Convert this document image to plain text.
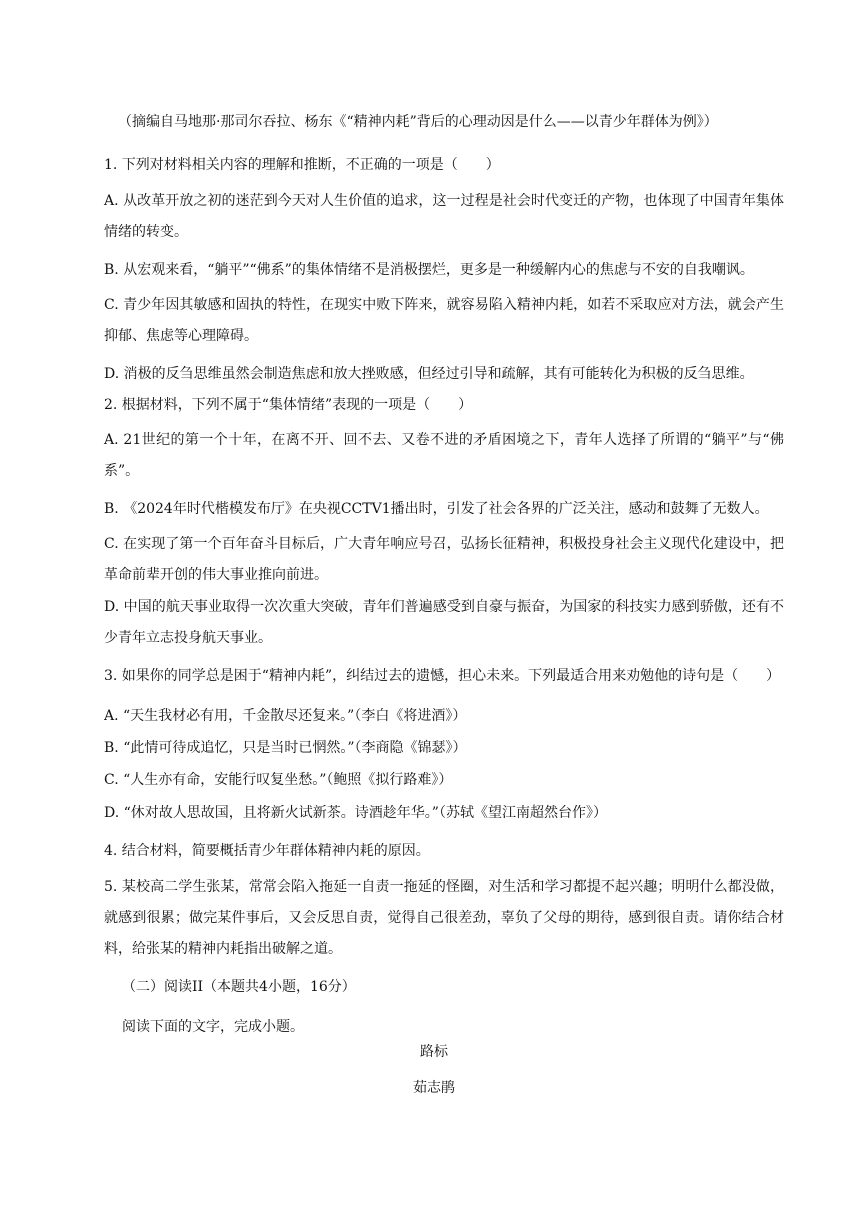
（摘编自马地那·那司尔吞拉、杨东《“精神内耗”背后的心理动因是什么——以青少年群体为例》）
1. 下列对材料相关内容的理解和推断，不正确的一项是（　　）
A. 从改革开放之初的迷茫到今天对人生价值的追求，这一过程是社会时代变迁的产物，也体现了中国青年集体情绪的转变。
B. 从宏观来看，“躺平”“佛系”的集体情绪不是消极摆烂，更多是一种缓解内心的焦虑与不安的自我嘲讽。
C. 青少年因其敏感和固执的特性，在现实中败下阵来，就容易陷入精神内耗，如若不采取应对方法，就会产生抑郁、焦虑等心理障碍。
D. 消极的反刍思维虽然会制造焦虑和放大挫败感，但经过引导和疏解，其有可能转化为积极的反刍思维。
2. 根据材料，下列不属于“集体情绪”表现的一项是（　　）
A. 21世纪的第一个十年，在离不开、回不去、又卷不进的矛盾困境之下，青年人选择了所谓的“躺平”与“佛系”。
B. 《2024年时代楷模发布厅》在央视CCTV1播出时，引发了社会各界的广泛关注，感动和鼓舞了无数人。
C. 在实现了第一个百年奋斗目标后，广大青年响应号召，弘扬长征精神，积极投身社会主义现代化建设中，把革命前辈开创的伟大事业推向前进。
D. 中国的航天事业取得一次次重大突破，青年们普遍感受到自豪与振奋，为国家的科技实力感到骄傲，还有不少青年立志投身航天事业。
3. 如果你的同学总是困于“精神内耗”，纠结过去的遗憾，担心未来。下列最适合用来劝勉他的诗句是（　　）
A. “天生我材必有用，千金散尽还复来。”（李白《将进酒》）
B. “此情可待成追忆，只是当时已惘然。”（李商隐《锦瑟》）
C. “人生亦有命，安能行叹复坐愁。”（鲍照《拟行路难》）
D. “休对故人思故国，且将新火试新茶。诗酒趁年华。”（苏轼《望江南超然台作》）
4. 结合材料，简要概括青少年群体精神内耗的原因。
5. 某校高二学生张某，常常会陷入拖延一自责一拖延的怪圈，对生活和学习都提不起兴趣；明明什么都没做，就感到很累；做完某件事后，又会反思自责，觉得自己很差劲，辜负了父母的期待，感到很自责。请你结合材料，给张某的精神内耗指出破解之道。
（二）阅读II（本题共4小题，16分）
阅读下面的文字，完成小题。
路标
茹志鹃
